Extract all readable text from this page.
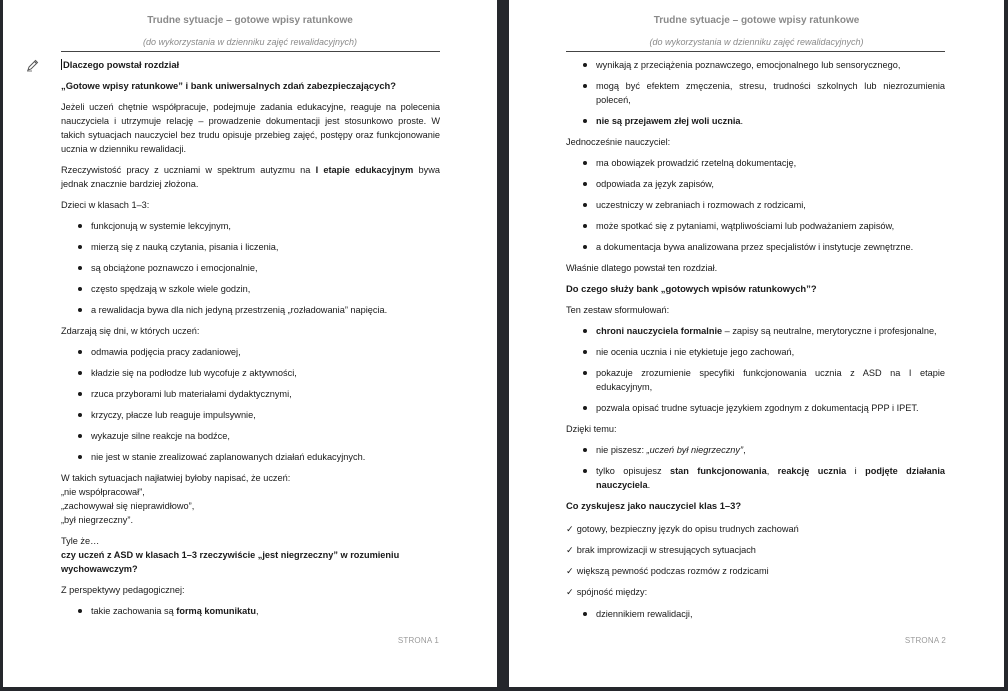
Trudne sytuacje – gotowe wpisy ratunkowe
(do wykorzystania w dzienniku zajęć rewalidacyjnych)
Dlaczego powstał rozdział
„Gotowe wpisy ratunkowe” i bank uniwersalnych zdań zabezpieczających?

Jeżeli uczeń chętnie współpracuje, podejmuje zadania edukacyjne, reaguje na polecenia nauczyciela i utrzymuje relację – prowadzenie dokumentacji jest stosunkowo proste. W takich sytuacjach nauczyciel bez trudu opisuje przebieg zajęć, postępy oraz funkcjonowanie ucznia w dzienniku rewalidacji.

Rzeczywistość pracy z uczniami w spektrum autyzmu na I etapie edukacyjnym bywa jednak znacznie bardziej złożona.

Dzieci w klasach 1–3:

funkcjonują w systemie lekcyjnym,
mierzą się z nauką czytania, pisania i liczenia,
są obciążone poznawczo i emocjonalnie,
często spędzają w szkole wiele godzin,
a rewalidacja bywa dla nich jedyną przestrzenią „rozładowania” napięcia.

Zdarzają się dni, w których uczeń:

odmawia podjęcia pracy zadaniowej,
kładzie się na podłodze lub wycofuje z aktywności,
rzuca przyborami lub materiałami dydaktycznymi,
krzyczy, płacze lub reaguje impulsywnie,
wykazuje silne reakcje na bodźce,
nie jest w stanie zrealizować zaplanowanych działań edukacyjnych.

W takich sytuacjach najłatwiej byłoby napisać, że uczeń:
„nie współpracował”,
„zachowywał się nieprawidłowo”,
„był niegrzeczny”.

Tyle że…
czy uczeń z ASD w klasach 1–3 rzeczywiście „jest niegrzeczny” w rozumieniu wychowawczym?

Z perspektywy pedagogicznej:

takie zachowania są formą komunikatu,
STRONA 1
Trudne sytuacje – gotowe wpisy ratunkowe
(do wykorzystania w dzienniku zajęć rewalidacyjnych)
wynikają z przeciążenia poznawczego, emocjonalnego lub sensorycznego,
mogą być efektem zmęczenia, stresu, trudności szkolnych lub niezrozumienia poleceń,
nie są przejawem złej woli ucznia.

Jednocześnie nauczyciel:

ma obowiązek prowadzić rzetelną dokumentację,
odpowiada za język zapisów,
uczestniczy w zebraniach i rozmowach z rodzicami,
może spotkać się z pytaniami, wątpliwościami lub podważaniem zapisów,
a dokumentacja bywa analizowana przez specjalistów i instytucje zewnętrzne.

Właśnie dlatego powstał ten rozdział.

Do czego służy bank „gotowych wpisów ratunkowych”?

Ten zestaw sformułowań:

chroni nauczyciela formalnie – zapisy są neutralne, merytoryczne i profesjonalne,
nie ocenia ucznia i nie etykietuje jego zachowań,
pokazuje zrozumienie specyfiki funkcjonowania ucznia z ASD na I etapie edukacyjnym,
pozwala opisać trudne sytuacje językiem zgodnym z dokumentacją PPP i IPET.

Dzięki temu:

nie piszesz: „uczeń był niegrzeczny”,
tylko opisujesz stan funkcjonowania, reakcję ucznia i podjęte działania nauczyciela.
Co zyskujesz jako nauczyciel klas 1–3?

✓ gotowy, bezpieczny język do opisu trudnych zachowań

✓ brak improwizacji w stresujących sytuacjach

✓ większą pewność podczas rozmów z rodzicami

✓ spójność między:

dziennikiem rewalidacji,
STRONA 2
